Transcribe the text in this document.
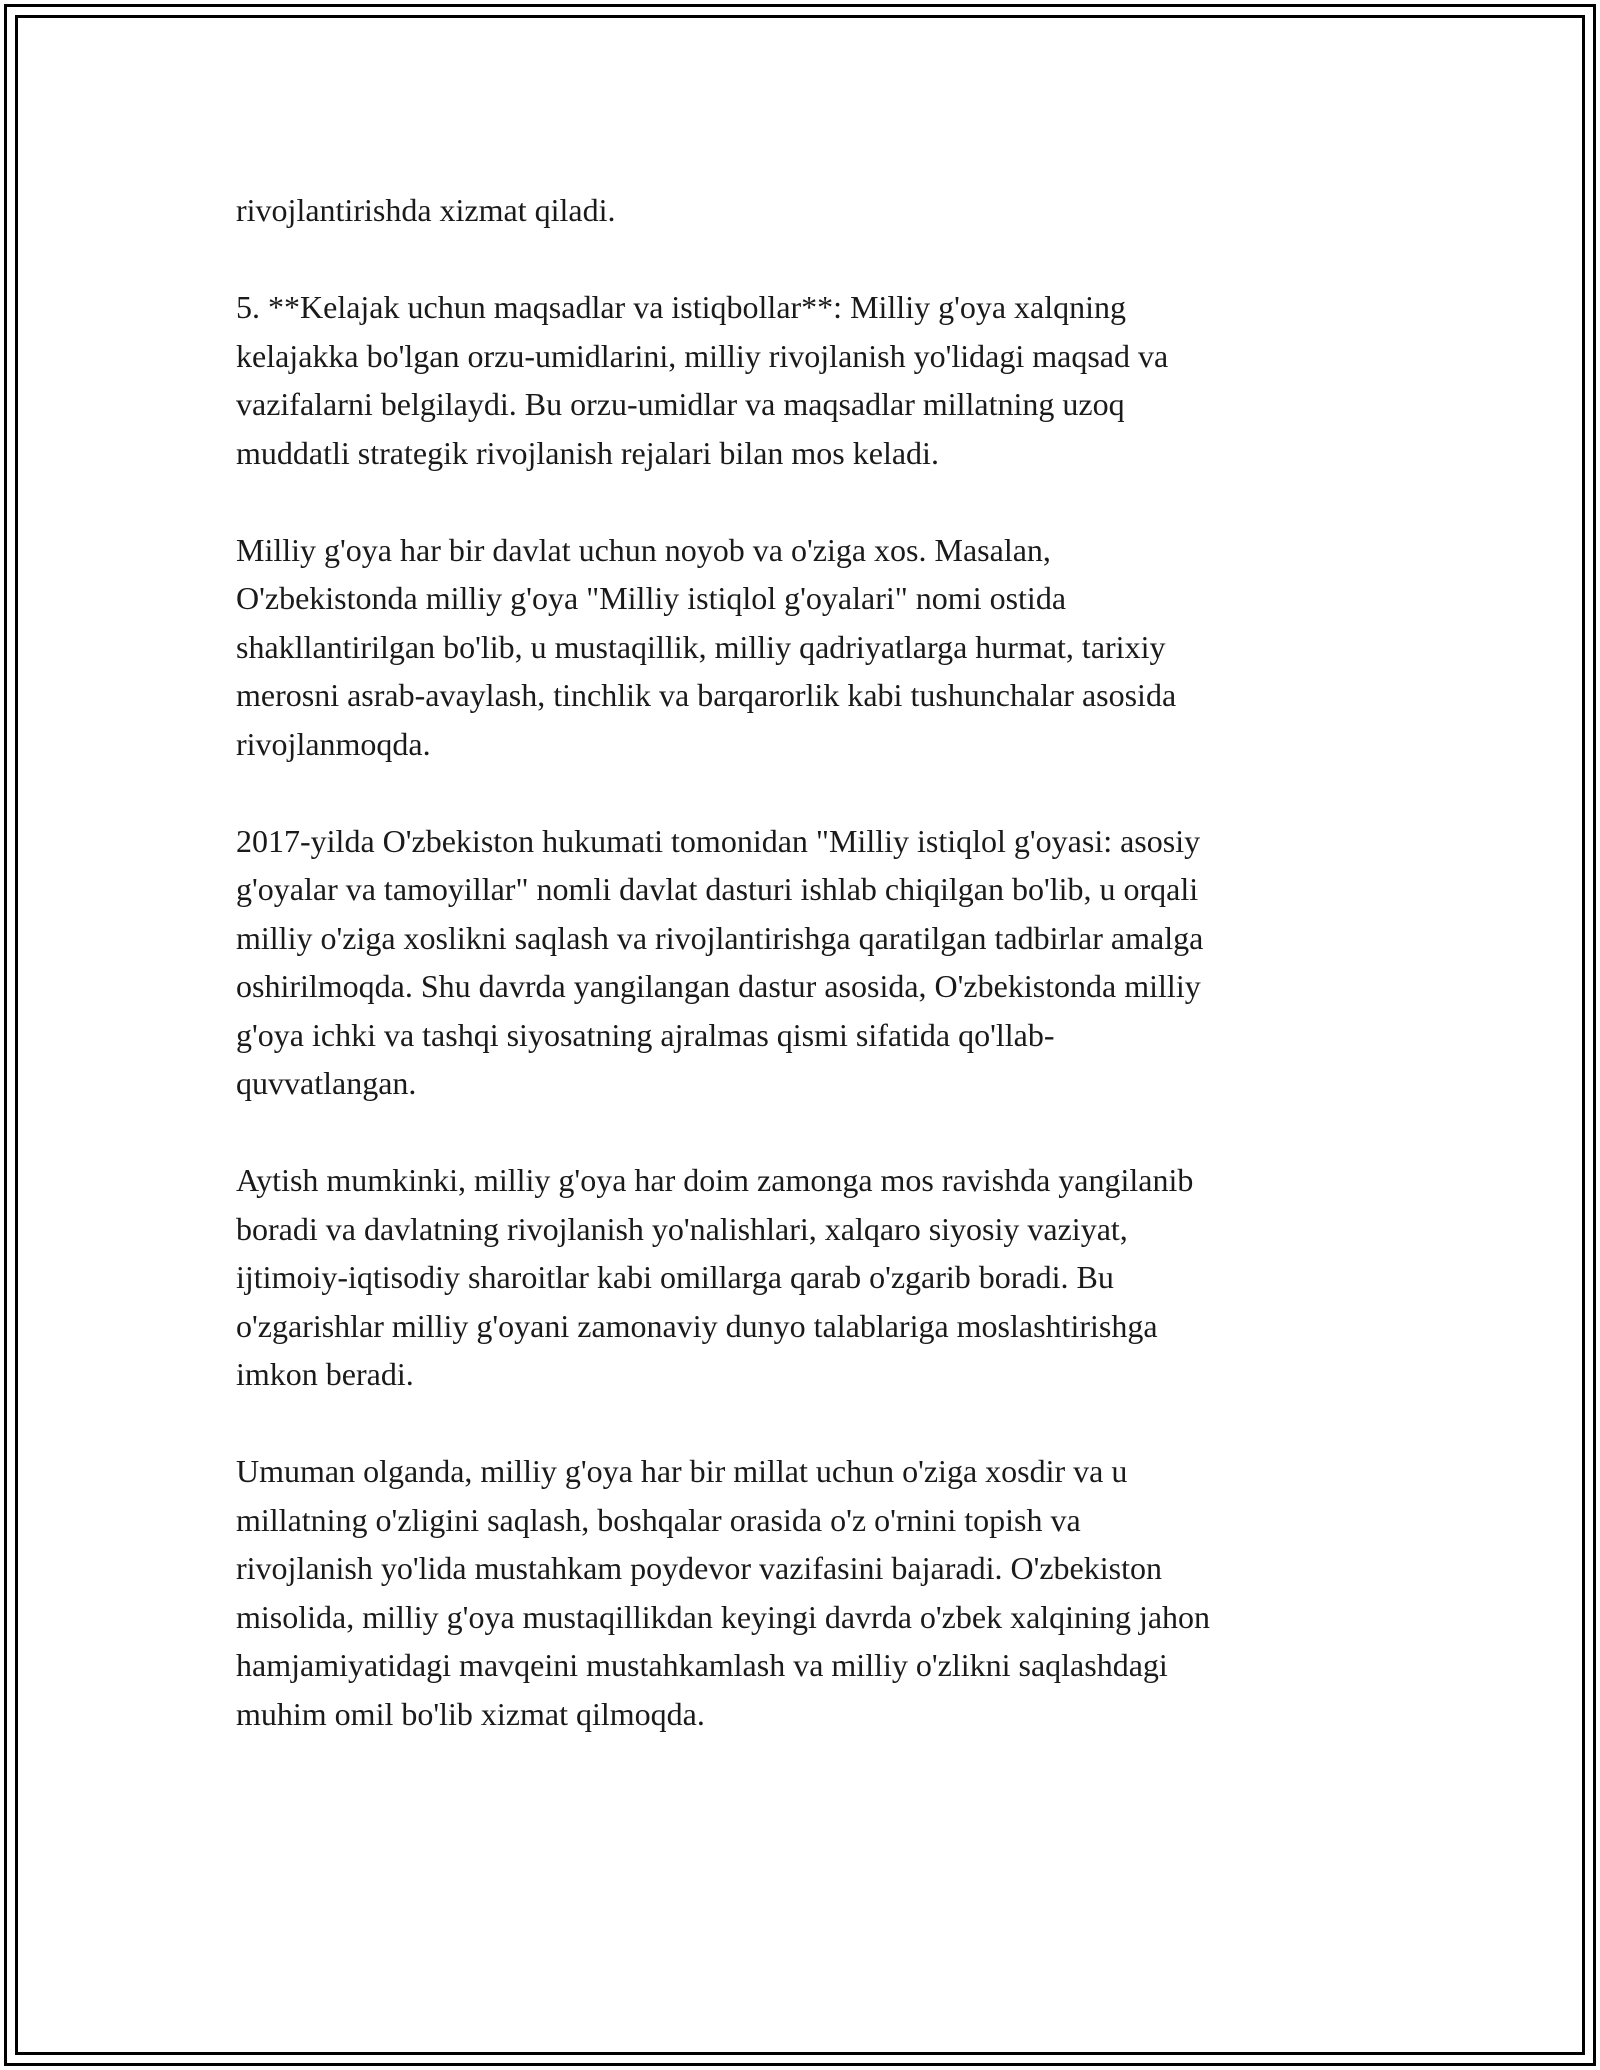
rivojlantirishda xizmat qiladi.

5. **Kelajak uchun maqsadlar va istiqbollar**: Milliy g'oya xalqning
kelajakka bo'lgan orzu-umidlarini, milliy rivojlanish yo'lidagi maqsad va
vazifalarni belgilaydi. Bu orzu-umidlar va maqsadlar millatning uzoq
muddatli strategik rivojlanish rejalari bilan mos keladi.

Milliy g'oya har bir davlat uchun noyob va o'ziga xos. Masalan,
O'zbekistonda milliy g'oya "Milliy istiqlol g'oyalari" nomi ostida
shakllantirilgan bo'lib, u mustaqillik, milliy qadriyatlarga hurmat, tarixiy
merosni asrab-avaylash, tinchlik va barqarorlik kabi tushunchalar asosida
rivojlanmoqda.

2017-yilda O'zbekiston hukumati tomonidan "Milliy istiqlol g'oyasi: asosiy
g'oyalar va tamoyillar" nomli davlat dasturi ishlab chiqilgan bo'lib, u orqali
milliy o'ziga xoslikni saqlash va rivojlantirishga qaratilgan tadbirlar amalga
oshirilmoqda. Shu davrda yangilangan dastur asosida, O'zbekistonda milliy
g'oya ichki va tashqi siyosatning ajralmas qismi sifatida qo'llab-
quvvatlangan.

Aytish mumkinki, milliy g'oya har doim zamonga mos ravishda yangilanib
boradi va davlatning rivojlanish yo'nalishlari, xalqaro siyosiy vaziyat,
ijtimoiy-iqtisodiy sharoitlar kabi omillarga qarab o'zgarib boradi. Bu
o'zgarishlar milliy g'oyani zamonaviy dunyo talablariga moslashtirishga
imkon beradi.

Umuman olganda, milliy g'oya har bir millat uchun o'ziga xosdir va u
millatning o'zligini saqlash, boshqalar orasida o'z o'rnini topish va
rivojlanish yo'lida mustahkam poydevor vazifasini bajaradi. O'zbekiston
misolida, milliy g'oya mustaqillikdan keyingi davrda o'zbek xalqining jahon
hamjamiyatidagi mavqeini mustahkamlash va milliy o'zlikni saqlashdagi
muhim omil bo'lib xizmat qilmoqda.
